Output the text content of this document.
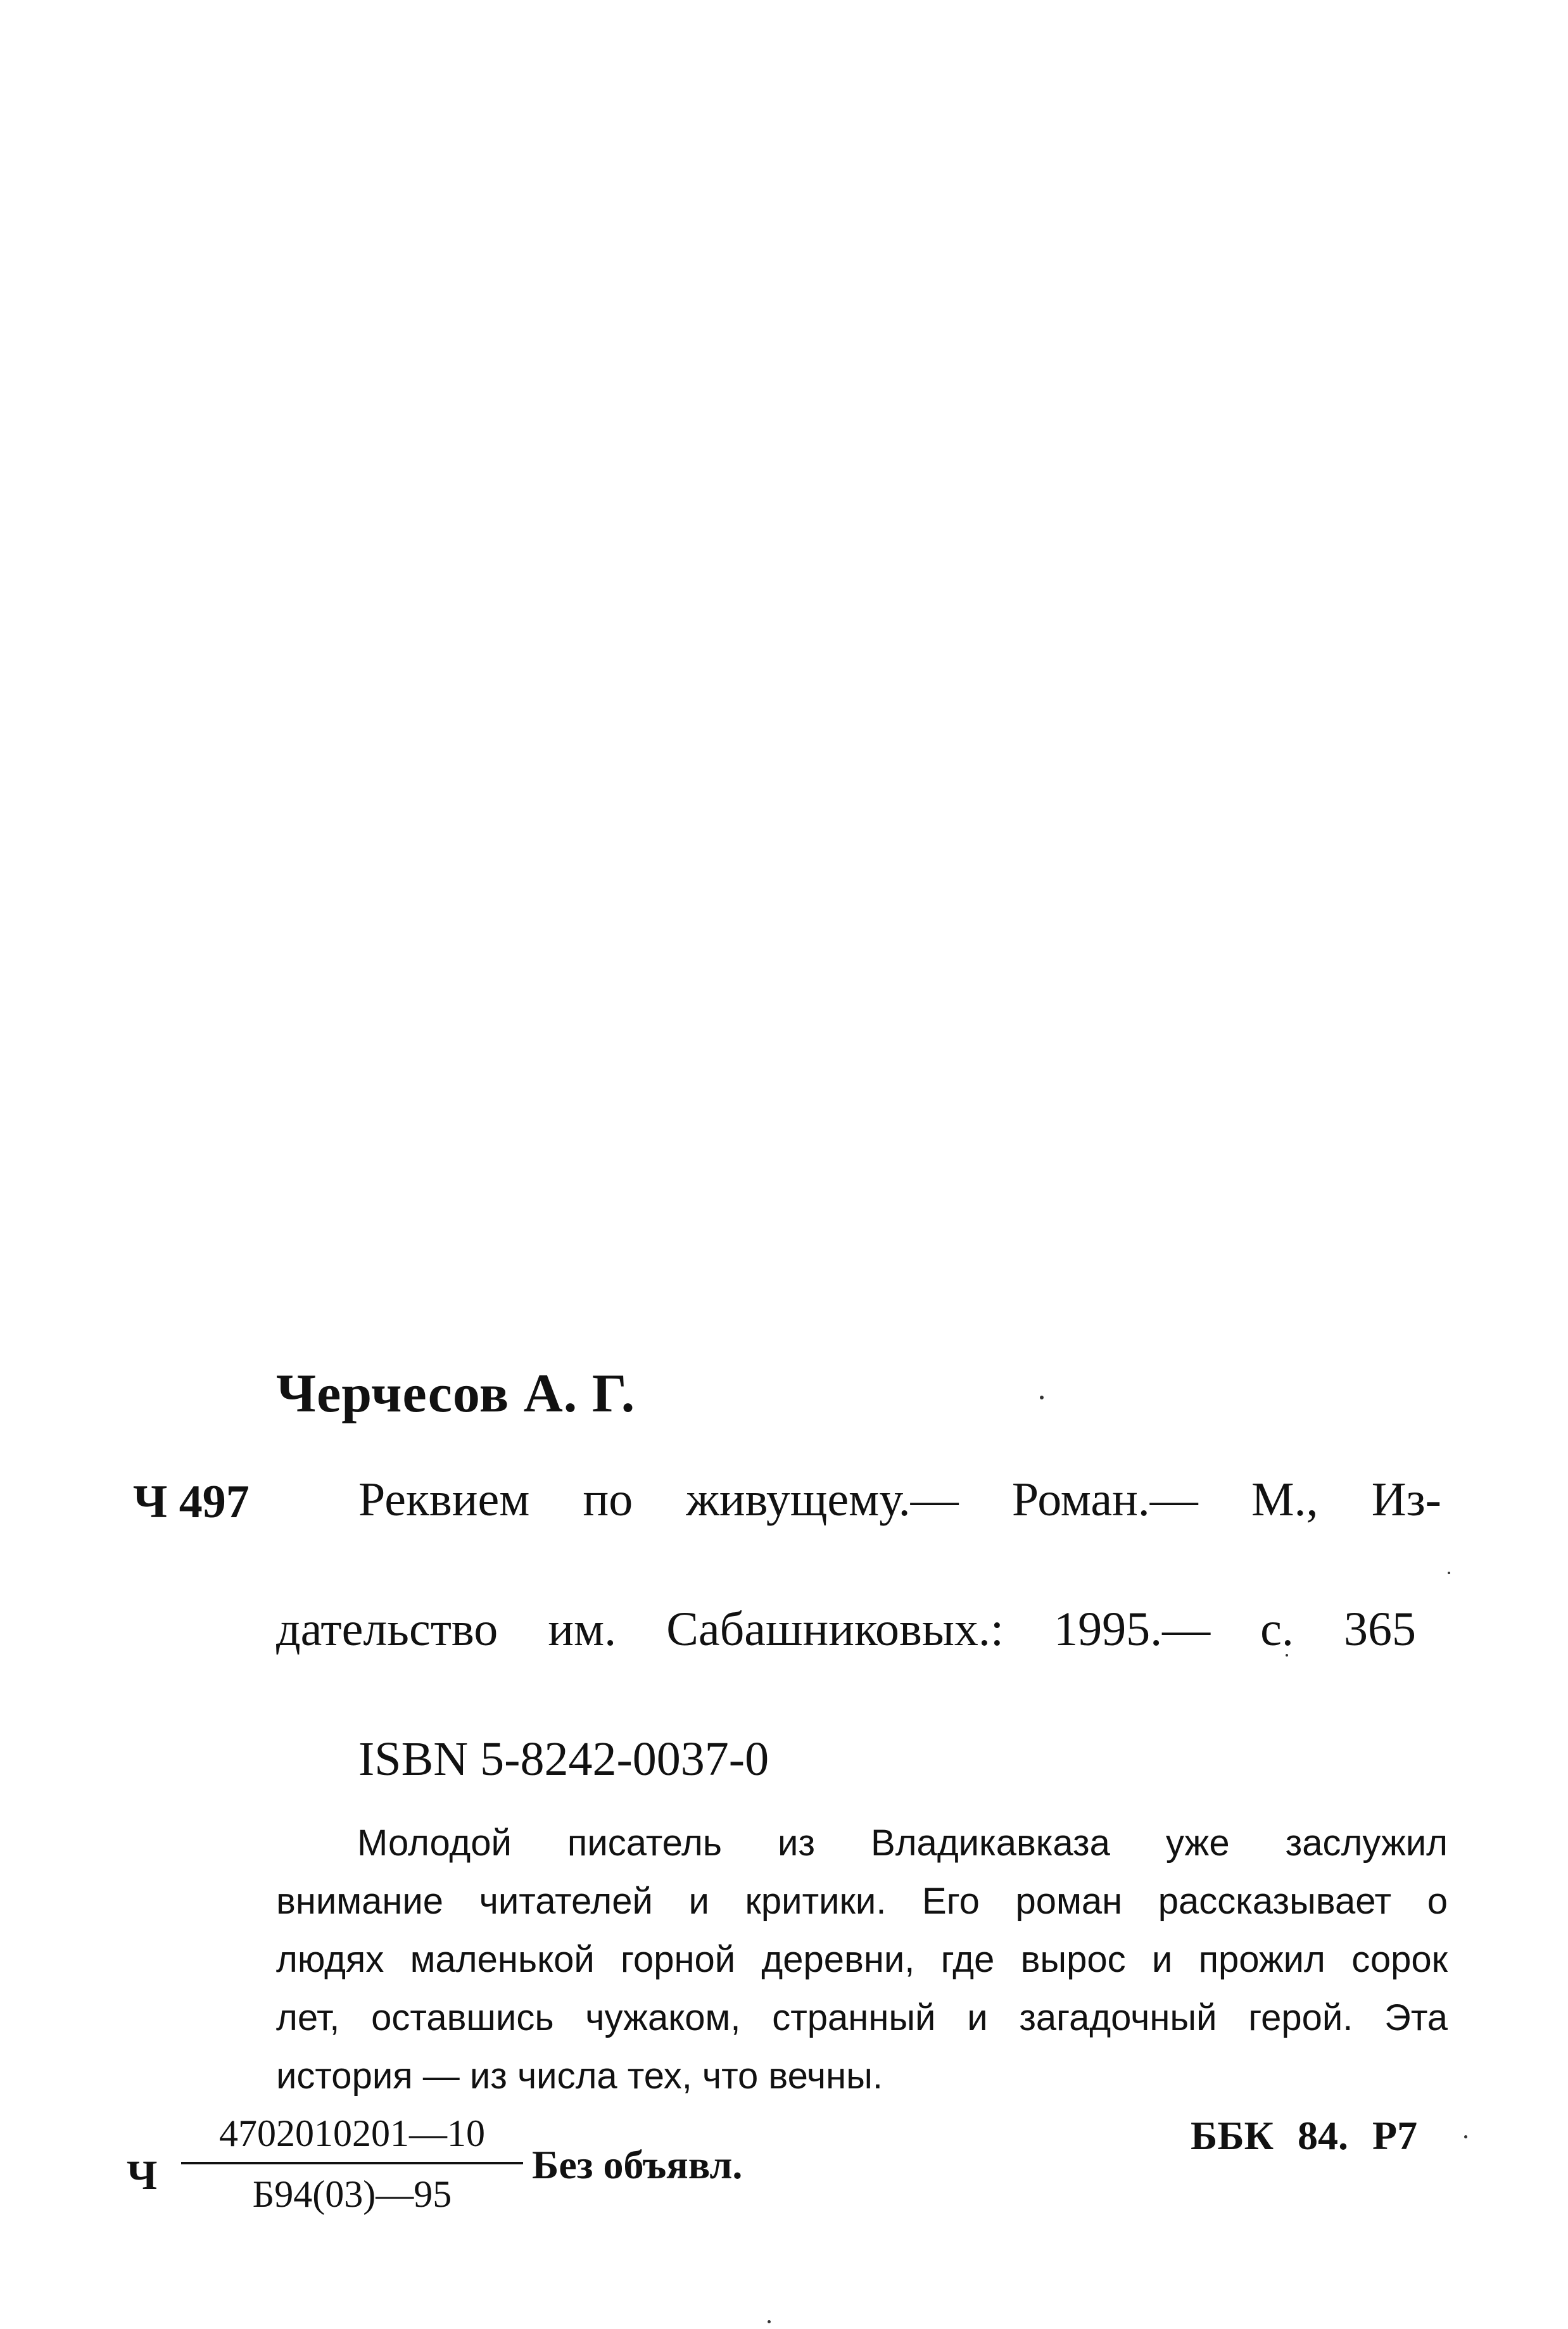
Черчесов А. Г.
Ч 497 Реквием по живущему.— Роман.— М., Из-
дательство им. Сабашниковых.: 1995.— с. 365
ISBN 5-8242-0037-0
Молодой писатель из Владикавказа уже заслужил
внимание читателей и критики. Его роман рассказывает о
людях маленькой горной деревни, где вырос и прожил сорок
лет, оставшись чужаком, странный и загадочный герой. Эта
история — из числа тех, что вечны.
Ч
4702010201—10
Б94(03)—95
Без объявл.
ББК 84. Р7
